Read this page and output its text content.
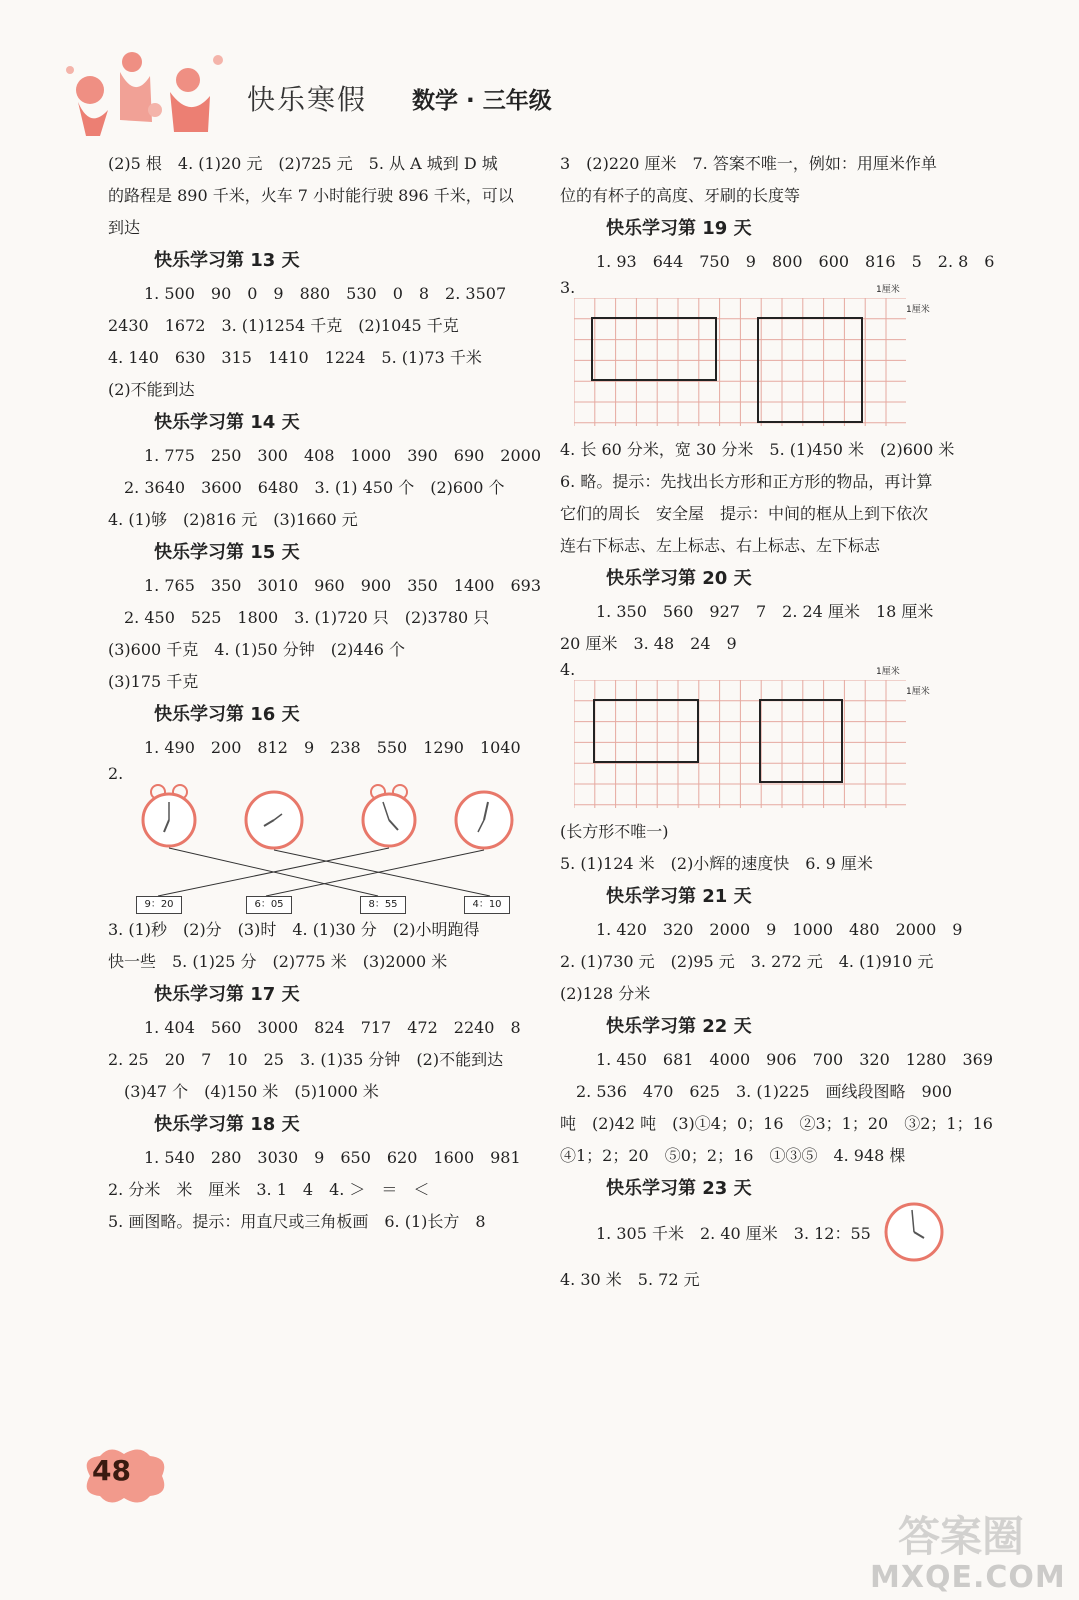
快乐寒假 数学 · 三年级
(2)5 根　4. (1)20 元　(2)725 元　5. 从 A 城到 D 城
的路程是 890 千米，火车 7 小时能行驶 896 千米，可以
到达
快乐学习第 13 天
1. 500　90　0　9　880　530　0　8　2. 3507
2430　1672　3. (1)1254 千克　(2)1045 千克
4. 140　630　315　1410　1224　5. (1)73 千米
(2)不能到达
快乐学习第 14 天
1. 775　250　300　408　1000　390　690　2000
2. 3640　3600　6480　3. (1) 450 个　(2)600 个
4. (1)够　(2)816 元　(3)1660 元
快乐学习第 15 天
1. 765　350　3010　960　900　350　1400　693
2. 450　525　1800　3. (1)720 只　(2)3780 只
(3)600 千克　4. (1)50 分钟　(2)446 个
(3)175 千克
快乐学习第 16 天
1. 490　200　812　9　238　550　1290　1040
2.
9：20	6：05	8：55	4：10
3. (1)秒　(2)分　(3)时　4. (1)30 分　(2)小明跑得
快一些　5. (1)25 分　(2)775 米　(3)2000 米
快乐学习第 17 天
1. 404　560　3000　824　717　472　2240　8
2. 25　20　7　10　25　3. (1)35 分钟　(2)不能到达
(3)47 个　(4)150 米　(5)1000 米
快乐学习第 18 天
1. 540　280　3030　9　650　620　1600　981
2. 分米　米　厘米　3. 1　4　4. ＞　＝　＜
5. 画图略。提示：用直尺或三角板画　6. (1)长方　8
3　(2)220 厘米　7. 答案不唯一，例如：用厘米作单
位的有杯子的高度、牙刷的长度等
快乐学习第 19 天
1. 93　644　750　9　800　600　816　5　2. 8　6
3.	1厘米
1厘米
4. 长 60 分米，宽 30 分米　5. (1)450 米　(2)600 米
6. 略。提示：先找出长方形和正方形的物品，再计算
它们的周长　安全屋　提示：中间的框从上到下依次
连右下标志、左上标志、右上标志、左下标志
快乐学习第 20 天
1. 350　560　927　7　2. 24 厘米　18 厘米
20 厘米　3. 48　24　9
4.	1厘米
1厘米
(长方形不唯一)
5. (1)124 米　(2)小辉的速度快　6. 9 厘米
快乐学习第 21 天
1. 420　320　2000　9　1000　480　2000　9
2. (1)730 元　(2)95 元　3. 272 元　4. (1)910 元
(2)128 分米
快乐学习第 22 天
1. 450　681　4000　906　700　320　1280　369
2. 536　470　625　3. (1)225　画线段图略　900
吨　(2)42 吨　(3)①4；0；16　②3；1；20　③2；1；16
④1；2；20　⑤0；2；16　①③⑤　4. 948 棵
快乐学习第 23 天
1. 305 千米　2. 40 厘米　3. 12：55
4. 30 米　5. 72 元
48
答案圈
MXQE.COM
